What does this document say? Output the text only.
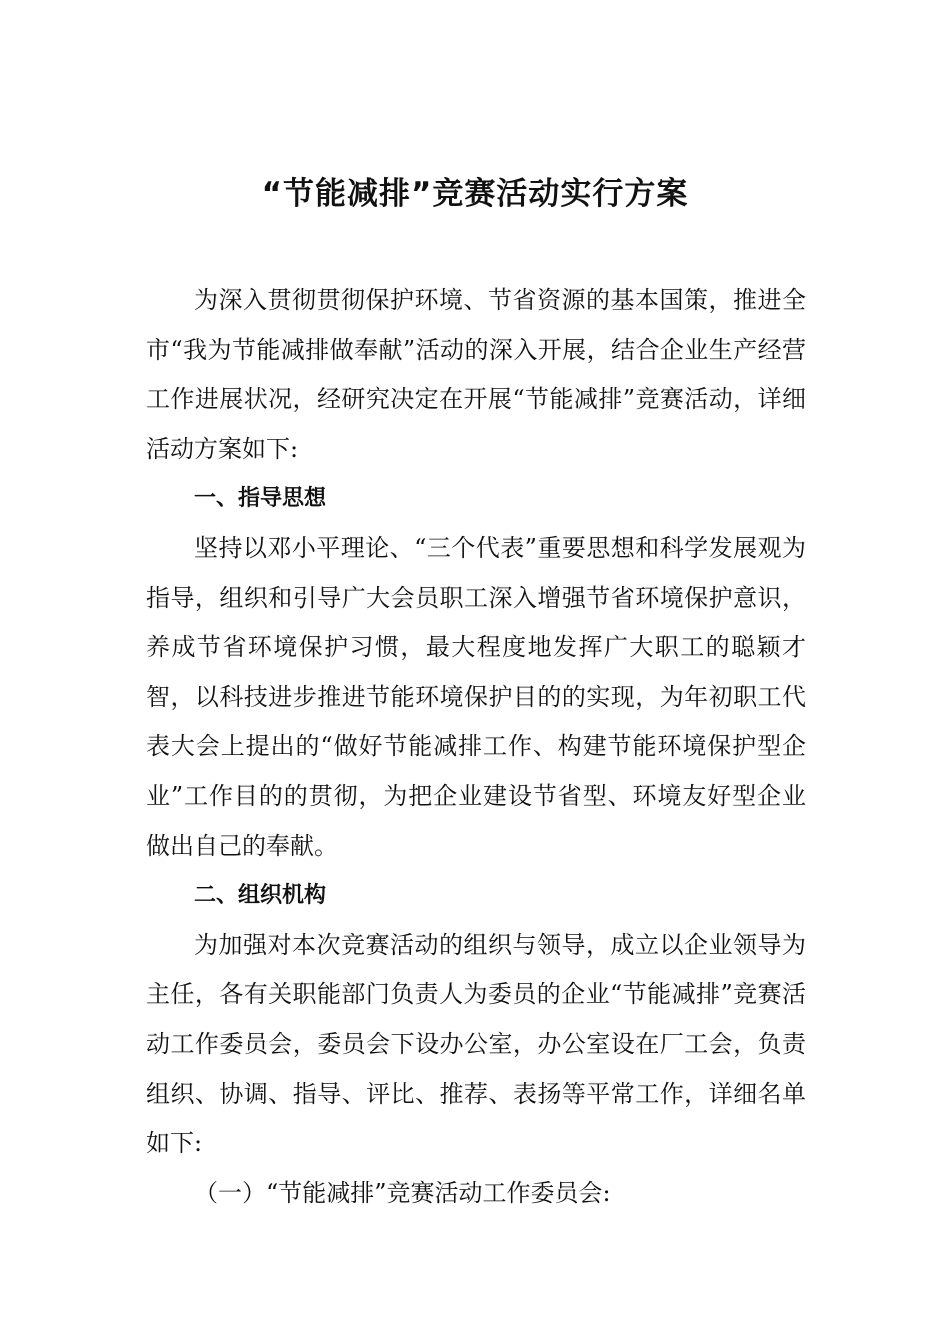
“节能减排”竞赛活动实行方案

为深入贯彻贯彻保护环境、节省资源的基本国策，推进全市“我为节能减排做奉献”活动的深入开展，结合企业生产经营工作进展状况，经研究决定在开展“节能减排”竞赛活动，详细活动方案如下:

一、指导思想

坚持以邓小平理论、“三个代表”重要思想和科学发展观为指导，组织和引导广大会员职工深入增强节省环境保护意识，养成节省环境保护习惯，最大程度地发挥广大职工的聪颖才智，以科技进步推进节能环境保护目的的实现，为年初职工代表大会上提出的“做好节能减排工作、构建节能环境保护型企业”工作目的的贯彻，为把企业建设节省型、环境友好型企业做出自己的奉献。

二、组织机构

为加强对本次竞赛活动的组织与领导，成立以企业领导为主任，各有关职能部门负责人为委员的企业“节能减排”竞赛活动工作委员会，委员会下设办公室，办公室设在厂工会，负责组织、协调、指导、评比、推荐、表扬等平常工作，详细名单如下:

（一）“节能减排”竞赛活动工作委员会:
